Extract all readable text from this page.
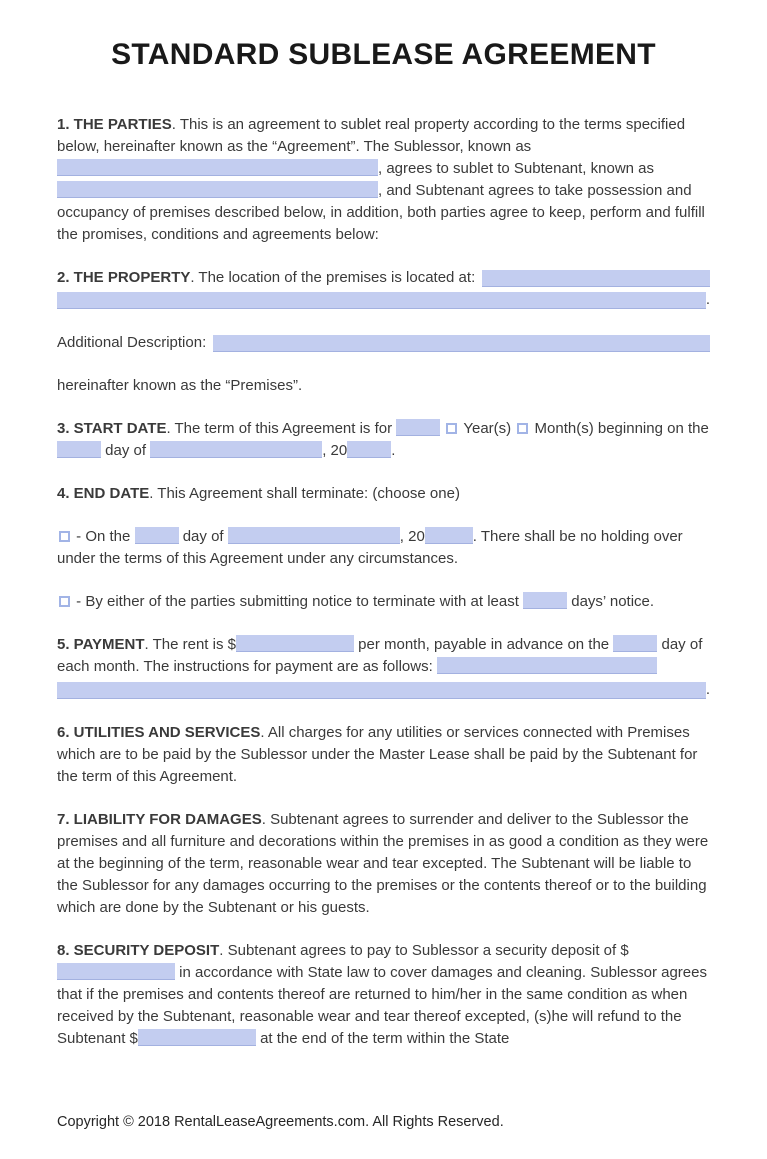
STANDARD SUBLEASE AGREEMENT

1. THE PARTIES. This is an agreement to sublet real property according to the terms specified below, hereinafter known as the “Agreement”. The Sublessor, known as , agrees to sublet to Subtenant, known as , and Subtenant agrees to take possession and occupancy of premises described below, in addition, both parties agree to keep, perform and fulfill the promises, conditions and agreements below:

2. THE PROPERTY. The location of the premises is located at:
.
Additional Description:

hereinafter known as the “Premises”.

3. START DATE. The term of this Agreement is for	Year(s) Month(s) beginning on the  day of	, 20	.

4. END DATE. This Agreement shall terminate: (choose one)

- On the	day of	, 20	. There shall be no holding over under the terms of this Agreement under any circumstances.

- By either of the parties submitting notice to terminate with at least	days’ notice.

5. PAYMENT. The rent is $	per month, payable in advance on the	day of each month. The instructions for payment are as follows:

.

6. UTILITIES AND SERVICES. All charges for any utilities or services connected with Premises which are to be paid by the Sublessor under the Master Lease shall be paid by the Subtenant for the term of this Agreement.

7. LIABILITY FOR DAMAGES. Subtenant agrees to surrender and deliver to the Sublessor the premises and all furniture and decorations within the premises in as good a condition as they were at the beginning of the term, reasonable wear and tear excepted. The Subtenant will be liable to the Sublessor for any damages occurring to the premises or the contents thereof or to the building which are done by the Subtenant or his guests.

8. SECURITY DEPOSIT. Subtenant agrees to pay to Sublessor a security deposit of $ in accordance with State law to cover damages and cleaning. Sublessor agrees that if the premises and contents thereof are returned to him/her in the same condition as when received by the Subtenant, reasonable wear and tear thereof excepted, (s)he will refund to the Subtenant $	at the end of the term within the State

Copyright © 2018 RentalLeaseAgreements.com. All Rights Reserved.
